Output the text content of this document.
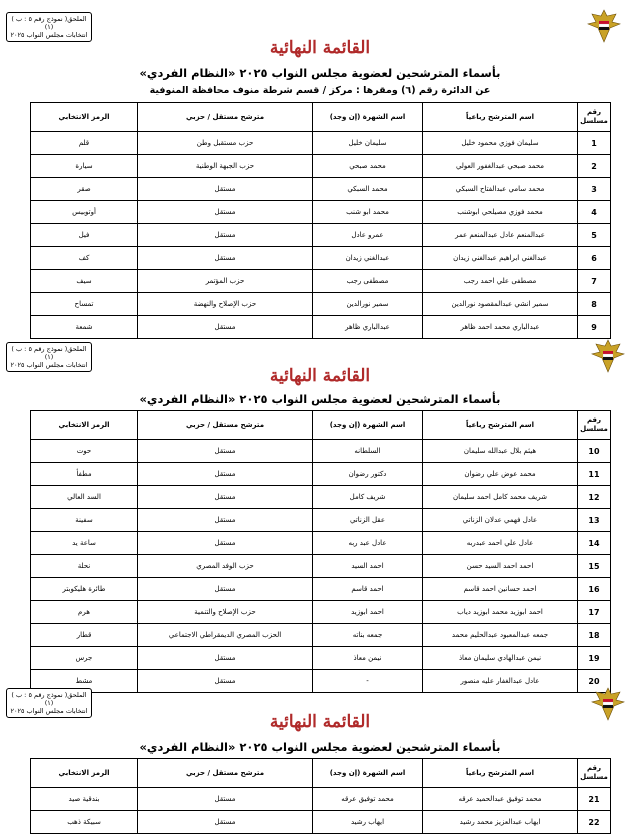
( نموذج رقم ٥ : ب )الملحق (١)
انتخابات مجلس النواب ٢٠٢٥
القائمة النهائية
بأسماء المترشحين لعضوية مجلس النواب ٢٠٢٥ «النظام الفردي»
عن الدائرة رقم (٦) ومقرها : مركز / قسم شرطة منوف محافظة المنوفية
رقم مسلسل	اسم المترشح رباعياً	اسم الشهرة (إن وجد)	مترشح مستقل / حزبي	الرمز الانتخابي
1	سليمان فوزي محمود خليل	سليمان خليل	حزب مستقبل وطن	قلم
2	محمد صبحي عبدالغفور العولي	محمد صبحي	حزب الجبهة الوطنية	سيارة
3	محمد سامي عبدالفتاح السبكي	محمد السبكي	مستقل	صقر
4	محمد فوزي مصيلحي ابوشنب	محمد ابو شنب	مستقل	أوتوبيس
5	عبدالمنعم عادل عبدالمنعم عمر	عمرو عادل	مستقل	فيل
6	عبدالغني ابراهيم عبدالغني زيدان	عبدالغني زيدان	مستقل	كف
7	مصطفى علي احمد رجب	مصطفى رجب	حزب المؤتمر	سيف
8	سمير انشي عبدالمقصود نورالدين	سمير نورالدين	حزب الإصلاح والنهضة	تمساح
9	عبدالباري محمد احمد ظاهر	عبدالباري ظاهر	مستقل	شمعة
( نموذج رقم ٥ : ب )الملحق (١)
انتخابات مجلس النواب ٢٠٢٥
القائمة النهائية
بأسماء المترشحين لعضوية مجلس النواب ٢٠٢٥ «النظام الفردي»
رقم مسلسل	اسم المترشح رباعياً	اسم الشهرة (إن وجد)	مترشح مستقل / حزبي	الرمز الانتخابي
10	هيثم بلال عبدالله سليمان	السلطانه	مستقل	حوت
11	محمد عوض علي رضوان	دكتور رضوان	مستقل	مطفأ
12	شريف محمد كامل احمد سليمان	شريف كامل	مستقل	السد العالي
13	عادل فهمي عدلان الزناتي	عقل الزناتي	مستقل	سفينة
14	عادل علي احمد عبدربه	عادل عبد ربه	مستقل	ساعة يد
15	احمد احمد السيد حسن	احمد السيد	حزب الوفد المصري	نحلة
16	احمد حسانين احمد قاسم	احمد قاسم	مستقل	طائرة هليكوبتر
17	احمد ابوزيد محمد ابوزيد دياب	احمد ابوزيد	حزب الإصلاح والتنمية	هرم
18	جمعه عبدالمعبود عبدالحليم محمد	جمعه بناته	الحزب المصري الديمقراطي الاجتماعي	قطار
19	نيمن عبدالهادي سليمان معاذ	نيمن معاذ	مستقل	جرس
20	عادل عبدالغفار عليه منصور	-	مستقل	مشط
( نموذج رقم ٥ : ب )الملحق (١)
انتخابات مجلس النواب ٢٠٢٥
القائمة النهائية
بأسماء المترشحين لعضوية مجلس النواب ٢٠٢٥ «النظام الفردي»
رقم مسلسل	اسم المترشح رباعياً	اسم الشهرة (إن وجد)	مترشح مستقل / حزبي	الرمز الانتخابي
21	محمد توفيق عبدالحميد عرقه	محمد توفيق عرقه	مستقل	بندقية صيد
22	ايهاب عبدالعزيز محمد رشيد	ايهاب رشيد	مستقل	سبيكة ذهب
